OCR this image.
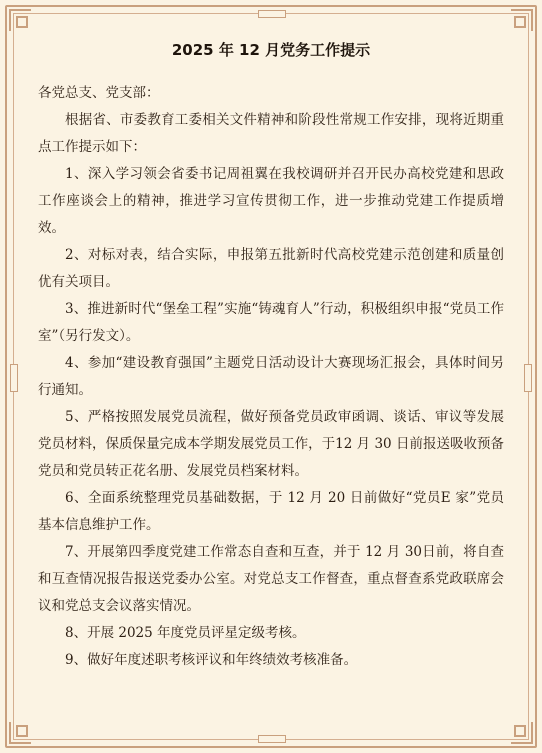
2025 年 12 月党务工作提示

各党总支、党支部：

根据省、市委教育工委相关文件精神和阶段性常规工作安排，现将近期重点工作提示如下：

1、深入学习领会省委书记周祖翼在我校调研并召开民办高校党建和思政工作座谈会上的精神，推进学习宣传贯彻工作，进一步推动党建工作提质增效。

2、对标对表，结合实际，申报第五批新时代高校党建示范创建和质量创优有关项目。

3、推进新时代“堡垒工程”实施“铸魂育人”行动，积极组织申报“党员工作室”（另行发文）。

4、参加“建设教育强国”主题党日活动设计大赛现场汇报会，具体时间另行通知。

5、严格按照发展党员流程，做好预备党员政审函调、谈话、审议等发展党员材料，保质保量完成本学期发展党员工作，于12 月 30 日前报送吸收预备党员和党员转正花名册、发展党员档案材料。

6、全面系统整理党员基础数据，于 12 月 20 日前做好“党员E 家”党员基本信息维护工作。

7、开展第四季度党建工作常态自查和互查，并于 12 月 30日前，将自查和互查情况报告报送党委办公室。对党总支工作督查，重点督查系党政联席会议和党总支会议落实情况。

8、开展 2025 年度党员评星定级考核。

9、做好年度述职考核评议和年终绩效考核准备。
